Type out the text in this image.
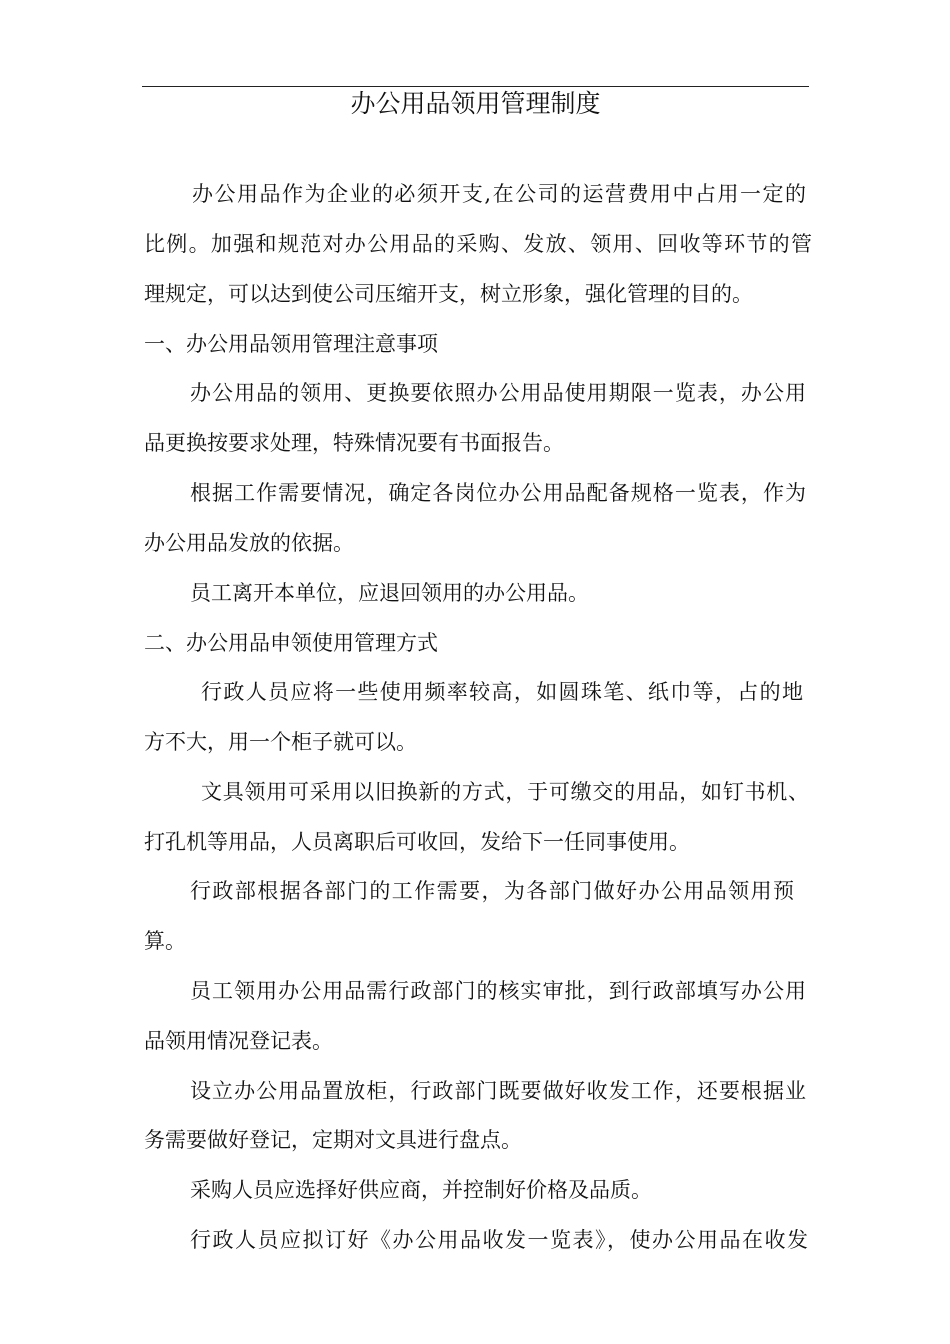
办公用品领用管理制度
办公用品作为企业的必须开支,在公司的运营费用中占用一定的
比例。加强和规范对办公用品的采购、发放、领用、回收等环节的管
理规定，可以达到使公司压缩开支，树立形象，强化管理的目的。
一、办公用品领用管理注意事项
办公用品的领用、更换要依照办公用品使用期限一览表，办公用
品更换按要求处理，特殊情况要有书面报告。
根据工作需要情况，确定各岗位办公用品配备规格一览表，作为
办公用品发放的依据。
员工离开本单位，应退回领用的办公用品。
二、办公用品申领使用管理方式
行政人员应将一些使用频率较高，如圆珠笔、纸巾等，占的地
方不大，用一个柜子就可以。
文具领用可采用以旧换新的方式，于可缴交的用品，如钉书机、
打孔机等用品，人员离职后可收回，发给下一任同事使用。
行政部根据各部门的工作需要，为各部门做好办公用品领用预
算。
员工领用办公用品需行政部门的核实审批，到行政部填写办公用
品领用情况登记表。
设立办公用品置放柜，行政部门既要做好收发工作，还要根据业
务需要做好登记，定期对文具进行盘点。
采购人员应选择好供应商，并控制好价格及品质。
行政人员应拟订好《办公用品收发一览表》，使办公用品在收发
